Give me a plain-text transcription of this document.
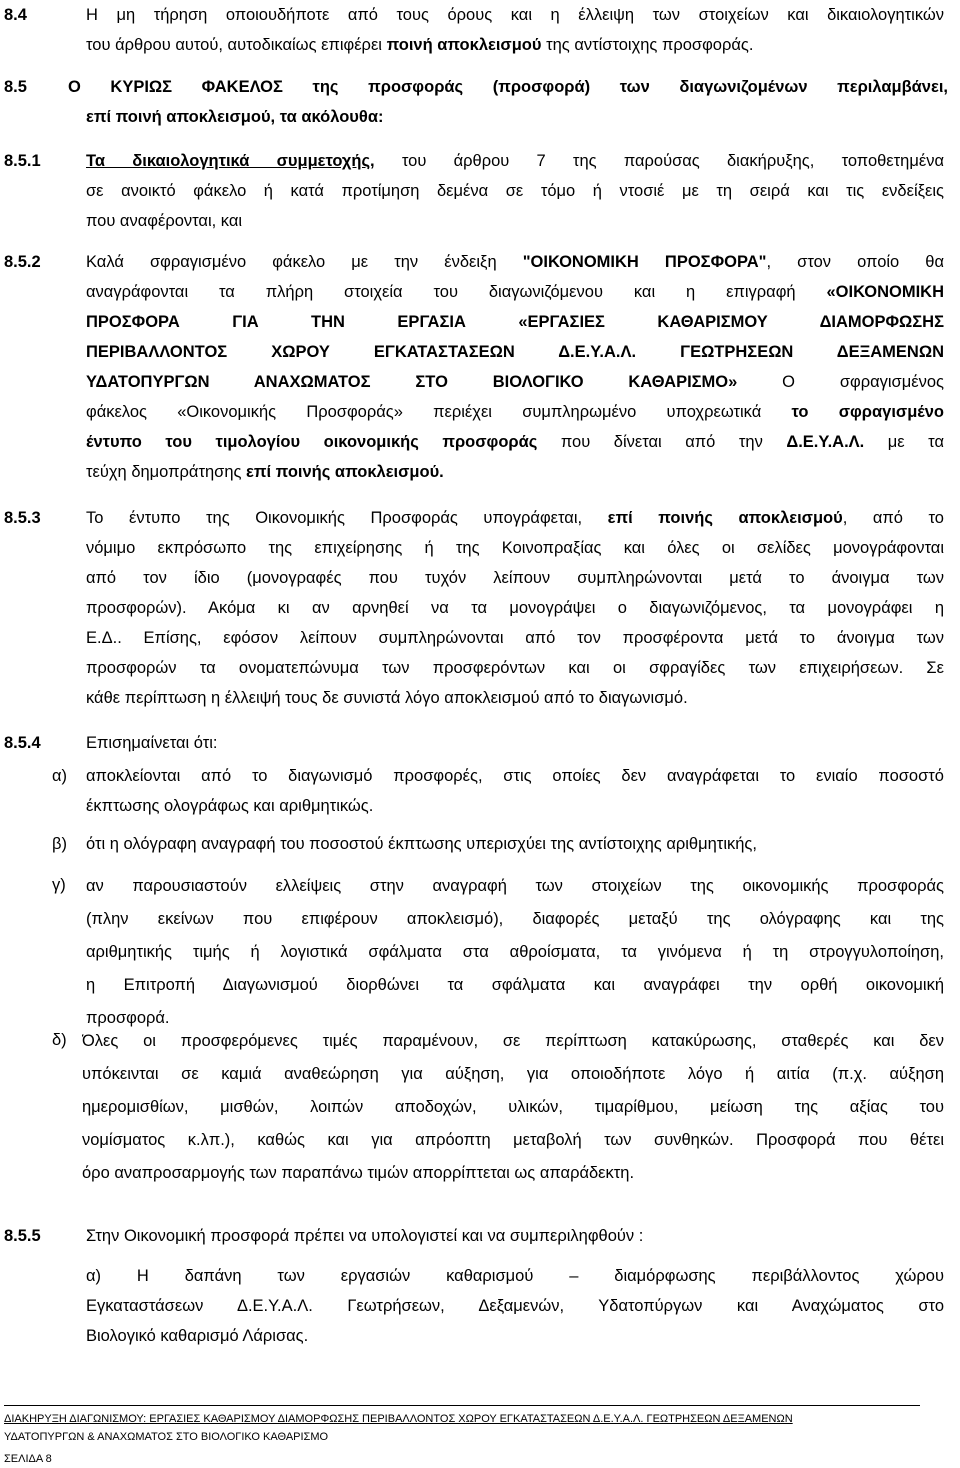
8.4	Η μη τήρηση οποιουδήποτε από τους όρους και η έλλειψη των στοιχείων και δικαιολογητικών
του άρθρου αυτού, αυτοδικαίως επιφέρει ποινή αποκλεισμού της αντίστοιχης προσφοράς.
8.5 Ο ΚΥΡΙΩΣ ΦΑΚΕΛΟΣ της προσφοράς (προσφορά) των διαγωνιζομένων περιλαμβάνει,
επί ποινή αποκλεισμού, τα ακόλουθα:
8.5.1	Τα δικαιολογητικά συμμετοχής, του άρθρου 7 της παρούσας διακήρυξης, τοποθετημένα
σε ανοικτό φάκελο ή κατά προτίμηση δεμένα σε τόμο ή ντοσιέ με τη σειρά και τις ενδείξεις
που αναφέρονται, και
8.5.2	Καλά σφραγισμένο φάκελο με την ένδειξη "ΟΙΚΟΝΟΜΙΚΗ ΠΡΟΣΦΟΡΑ", στον οποίο θα
αναγράφονται τα πλήρη στοιχεία του διαγωνιζόμενου και η επιγραφή «ΟΙΚΟΝΟΜΙΚΗ
ΠΡΟΣΦΟΡΑ ΓΙΑ ΤΗΝ ΕΡΓΑΣΙΑ «ΕΡΓΑΣΙΕΣ ΚΑΘΑΡΙΣΜΟΥ ΔΙΑΜΟΡΦΩΣΗΣ
ΠΕΡΙΒΑΛΛΟΝΤΟΣ ΧΩΡΟΥ ΕΓΚΑΤΑΣΤΑΣΕΩΝ Δ.Ε.Υ.Α.Λ. ΓΕΩΤΡΗΣΕΩΝ ΔΕΞΑΜΕΝΩΝ
ΥΔΑΤΟΠΥΡΓΩΝ ΑΝΑΧΩΜΑΤΟΣ ΣΤΟ ΒΙΟΛΟΓΙΚΟ ΚΑΘΑΡΙΣΜΟ» Ο σφραγισμένος
φάκελος «Οικονομικής Προσφοράς» περιέχει συμπληρωμένο υποχρεωτικά το σφραγισμένο
έντυπο του τιμολογίου οικονομικής προσφοράς που δίνεται από την Δ.Ε.Υ.Α.Λ. με τα
τεύχη δημοπράτησης επί ποινής αποκλεισμού.
8.5.3	Το έντυπο της Οικονομικής Προσφοράς υπογράφεται, επί ποινής αποκλεισμού, από το
νόμιμο εκπρόσωπο της επιχείρησης ή της Κοινοπραξίας και όλες οι σελίδες μονογράφονται
από τον ίδιο (μονογραφές που τυχόν λείπουν συμπληρώνονται μετά το άνοιγμα των
προσφορών). Ακόμα κι αν αρνηθεί να τα μονογράψει ο διαγωνιζόμενος, τα μονογράφει η
Ε.Δ.. Επίσης, εφόσον λείπουν συμπληρώνονται από τον προσφέροντα μετά το άνοιγμα των
προσφορών τα ονοματεπώνυμα των προσφερόντων και οι σφραγίδες των επιχειρήσεων. Σε
κάθε περίπτωση η έλλειψή τους δε συνιστά λόγο αποκλεισμού από το διαγωνισμό.
8.5.4	Επισημαίνεται ότι:
α) αποκλείονται από το διαγωνισμό προσφορές, στις οποίες δεν αναγράφεται το ενιαίο ποσοστό
έκπτωσης ολογράφως και αριθμητικώς.
β) ότι η ολόγραφη αναγραφή του ποσοστού έκπτωσης υπερισχύει της αντίστοιχης αριθμητικής,
γ) αν παρουσιαστούν ελλείψεις στην αναγραφή των στοιχείων της οικονομικής προσφοράς
(πλην εκείνων που επιφέρουν αποκλεισμό), διαφορές μεταξύ της ολόγραφης και της
αριθμητικής τιμής ή λογιστικά σφάλματα στα αθροίσματα, τα γινόμενα ή τη στρογγυλοποίηση,
η Επιτροπή Διαγωνισμού διορθώνει τα σφάλματα και αναγράφει την ορθή οικονομική
προσφορά.
δ) Όλες οι προσφερόμενες τιμές παραμένουν, σε περίπτωση κατακύρωσης, σταθερές και δεν
υπόκεινται σε καμιά αναθεώρηση για αύξηση, για οποιοδήποτε λόγο ή αιτία (π.χ. αύξηση
ημερομισθίων, μισθών, λοιπών αποδοχών, υλικών, τιμαρίθμου, μείωση της αξίας του
νομίσματος κ.λπ.), καθώς και για απρόοπτη μεταβολή των συνθηκών. Προσφορά που θέτει
όρο αναπροσαρμογής των παραπάνω τιμών απορρίπτεται ως απαράδεκτη.
8.5.5	Στην Οικονομική προσφορά πρέπει να υπολογιστεί και να συμπεριληφθούν :
α) Η δαπάνη των εργασιών καθαρισμού – διαμόρφωσης περιβάλλοντος χώρου
Εγκαταστάσεων Δ.Ε.Υ.Α.Λ. Γεωτρήσεων, Δεξαμενών, Υδατοπύργων και Αναχώματος στο
Βιολογικό καθαρισμό Λάρισας.
ΔΙΑΚΗΡΥΞΗ ΔΙΑΓΩΝΙΣΜΟΥ: ΕΡΓΑΣΙΕΣ ΚΑΘΑΡΙΣΜΟΥ ΔΙΑΜΟΡΦΩΣΗΣ ΠΕΡΙΒΑΛΛΟΝΤΟΣ ΧΩΡΟΥ ΕΓΚΑΤΑΣΤΑΣΕΩΝ Δ.Ε.Υ.Α.Λ. ΓΕΩΤΡΗΣΕΩΝ ΔΕΞΑΜΕΝΩΝ
ΥΔΑΤΟΠΥΡΓΩΝ & ΑΝΑΧΩΜΑΤΟΣ ΣΤΟ ΒΙΟΛΟΓΙΚΟ ΚΑΘΑΡΙΣΜΟ
ΣΕΛΙΔΑ 8
